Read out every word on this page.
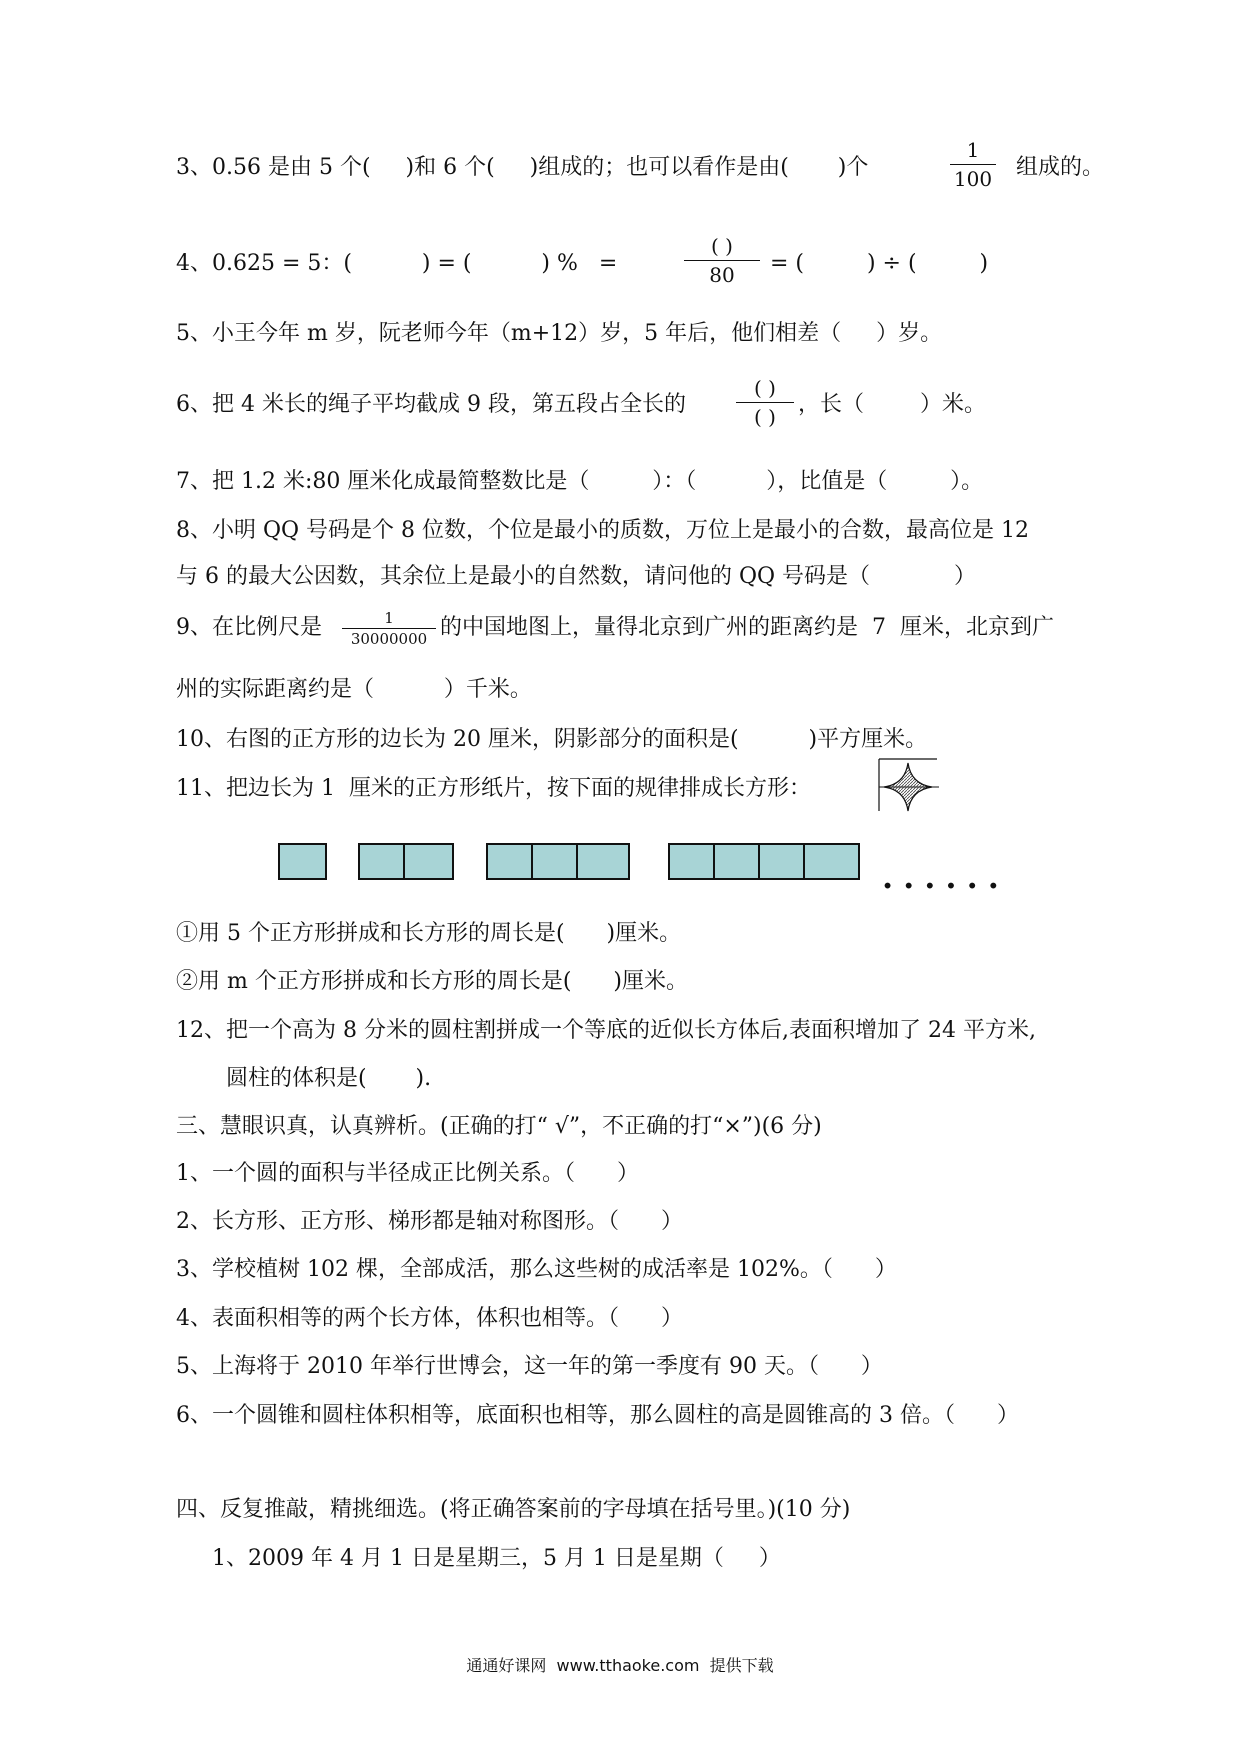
3、0.56 是由 5 个(     )和 6 个(     )组成的；也可以看作是由(       )个
1
100 组成的。
4、0.625 = 5：(          ) = (          ) %   =
( )
80	= (         ) ÷ (         )
5、小王今年 m 岁，阮老师今年（m+12）岁，5 年后，他们相差（     ）岁。
6、把 4 米长的绳子平均截成 9 段，第五段占全长的
( )
( )	，长（        ）米。
7、把 1.2 米:80 厘米化成最简整数比是（         ）：（          ），比值是（         ）。
8、小明 QQ 号码是个 8 位数，个位是最小的质数，万位上是最小的合数，最高位是 12
与 6 的最大公因数，其余位上是最小的自然数，请问他的 QQ 号码是（            ）
9、在比例尺是	1
30000000 的中国地图上，量得北京到广州的距离约是  7  厘米，北京到广
州的实际距离约是（          ）千米。
10、右图的正方形的边长为 20 厘米，阴影部分的面积是(          )平方厘米。
11、把边长为 1  厘米的正方形纸片，按下面的规律排成长方形：
......
①用 5 个正方形拼成和长方形的周长是(      )厘米。
②用 m 个正方形拼成和长方形的周长是(      )厘米。
12、把一个高为 8 分米的圆柱割拼成一个等底的近似长方体后,表面积增加了 24 平方米,
圆柱的体积是(       ).
三、慧眼识真，认真辨析。(正确的打“ √”，不正确的打“×”)(6 分)
1、一个圆的面积与半径成正比例关系。（      ）
2、长方形、正方形、梯形都是轴对称图形。（      ）
3、学校植树 102 棵，全部成活，那么这些树的成活率是 102%。（      ）
4、表面积相等的两个长方体，体积也相等。（      ）
5、上海将于 2010 年举行世博会，这一年的第一季度有 90 天。（      ）
6、一个圆锥和圆柱体积相等，底面积也相等，那么圆柱的高是圆锥高的 3 倍。（      ）
四、反复推敲，精挑细选。(将正确答案前的字母填在括号里。)(10 分)
1、2009 年 4 月 1 日是星期三，5 月 1 日是星期（     ）
通通好课网  www.tthaoke.com  提供下载
